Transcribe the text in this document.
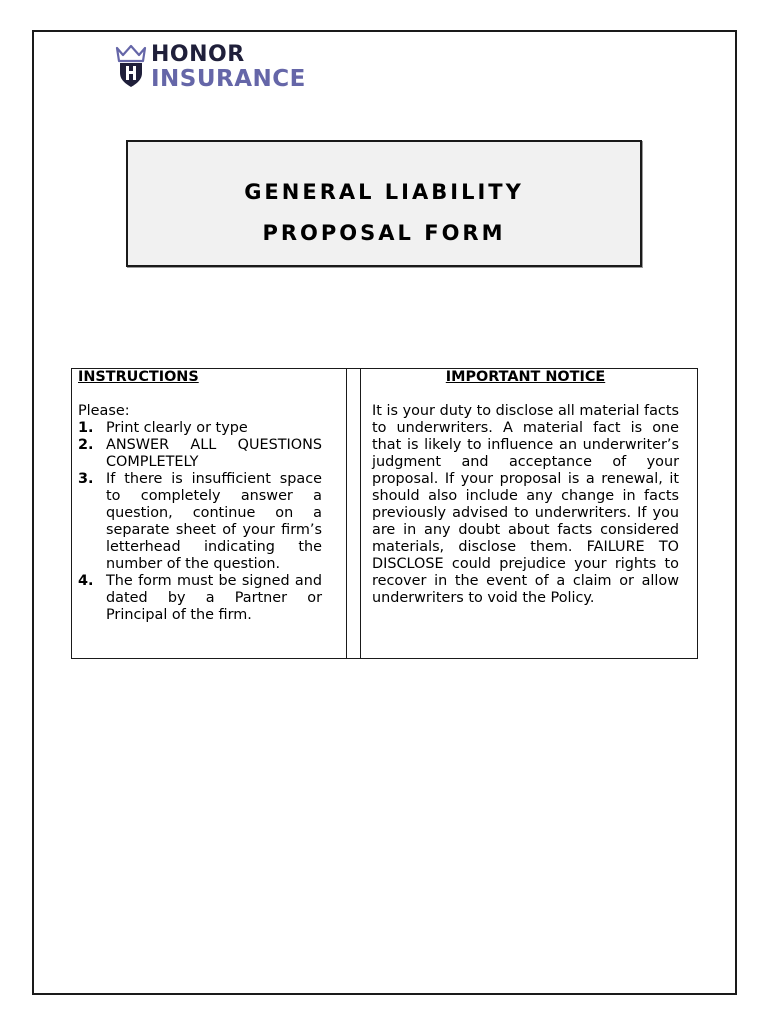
HONOR
INSURANCE
GENERAL LIABILITY
PROPOSAL FORM
INSTRUCTIONS
Please:
1. Print clearly or type
2. ANSWER ALL QUESTIONS COMPLETELY
3. If there is insufficient space to completely answer a question, continue on a separate sheet of your firm’s letterhead indicating the number of the question.
4. The form must be signed and dated by a Partner or Principal of the firm.
IMPORTANT NOTICE
It is your duty to disclose all material facts to underwriters. A material fact is one that is likely to influence an underwriter’s judgment and acceptance of your proposal. If your proposal is a renewal, it should also include any change in facts previously advised to underwriters. If you are in any doubt about facts considered materials, disclose them. FAILURE TO DISCLOSE could prejudice your rights to recover in the event of a claim or allow underwriters to void the Policy.
